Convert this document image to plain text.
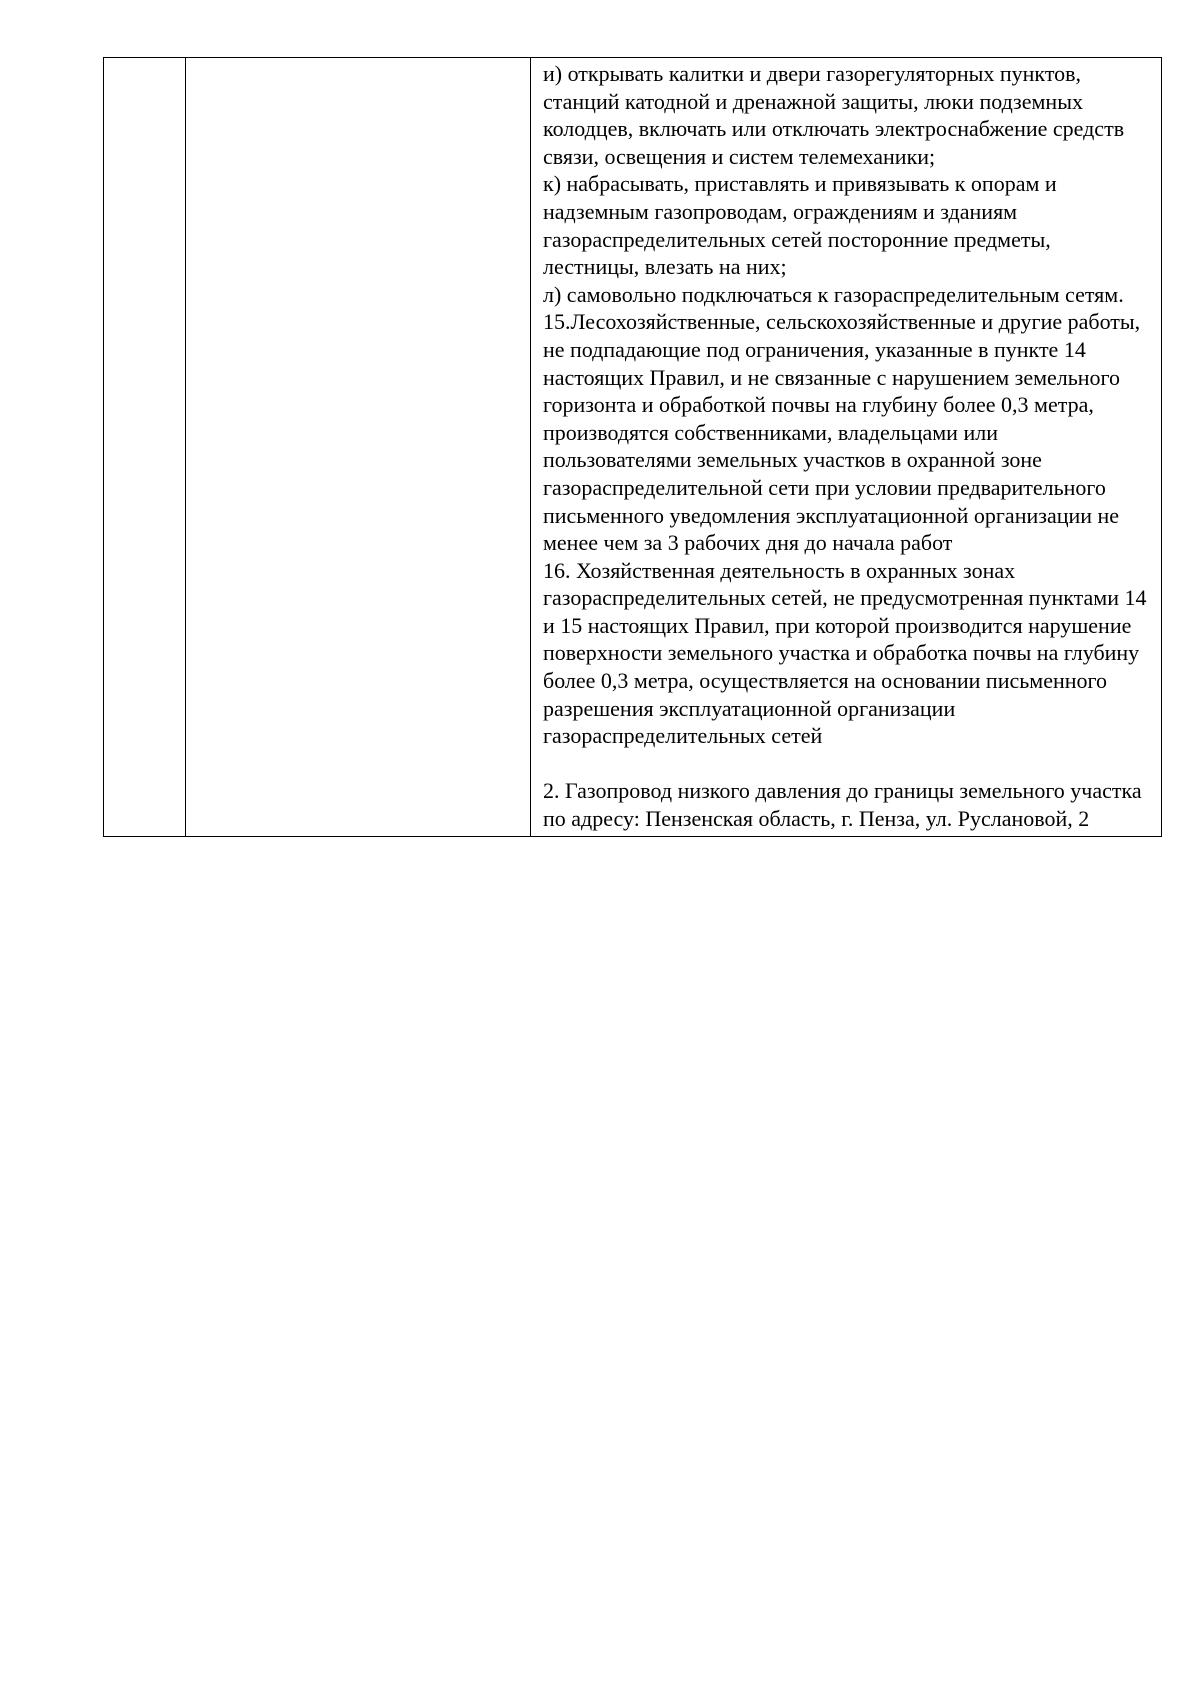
и) открывать калитки и двери газорегуляторных пунктов, станций катодной и дренажной защиты, люки подземных колодцев, включать или отключать электроснабжение средств связи, освещения и систем телемеханики;

к) набрасывать, приставлять и привязывать к опорам и надземным газопроводам, ограждениям и зданиям газораспределительных сетей посторонние предметы, лестницы, влезать на них;

л) самовольно подключаться к газораспределительным сетям.

15.Лесохозяйственные, сельскохозяйственные и другие работы, не подпадающие под ограничения, указанные в пункте 14 настоящих Правил, и не связанные с нарушением земельного горизонта и обработкой почвы на глубину более 0,3 метра, производятся собственниками, владельцами или пользователями земельных участков в охранной зоне газораспределительной сети при условии предварительного письменного уведомления эксплуатационной организации не менее чем за 3 рабочих дня до начала работ

16. Хозяйственная деятельность в охранных зонах газораспределительных сетей, не предусмотренная пунктами 14 и 15 настоящих Правил, при которой производится нарушение поверхности земельного участка и обработка почвы на глубину более 0,3 метра, осуществляется на основании письменного разрешения эксплуатационной организации газораспределительных сетей

2. Газопровод низкого давления до границы земельного участка по адресу: Пензенская область, г. Пенза, ул. Руслановой, 2
